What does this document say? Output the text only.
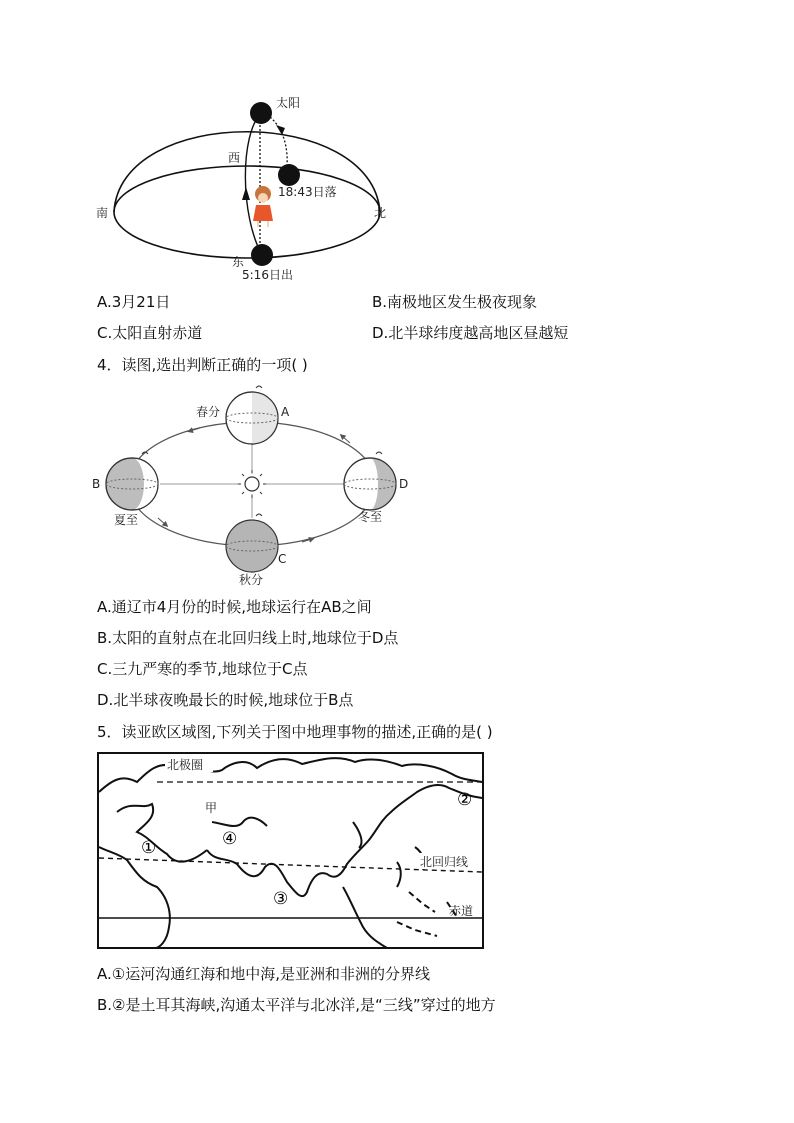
太阳
西
18:43日落
南	北
东
5:16日出
A.3月21日	B.南极地区发生极夜现象
C.太阳直射赤道	D.北半球纬度越高地区昼越短
4．读图,选出判断正确的一项( )
春分	A
B
夏至
D
冬至
C
秋分
A.通辽市4月份的时候,地球运行在AB之间
B.太阳的直射点在北回归线上时,地球位于D点
C.三九严寒的季节,地球位于C点
D.北半球夜晚最长的时候,地球位于B点
5．读亚欧区域图,下列关于图中地理事物的描述,正确的是( )
北极圈
甲
北回归线
赤道
①
②
③
④
A.①运河沟通红海和地中海,是亚洲和非洲的分界线
B.②是土耳其海峡,沟通太平洋与北冰洋,是“三线”穿过的地方
